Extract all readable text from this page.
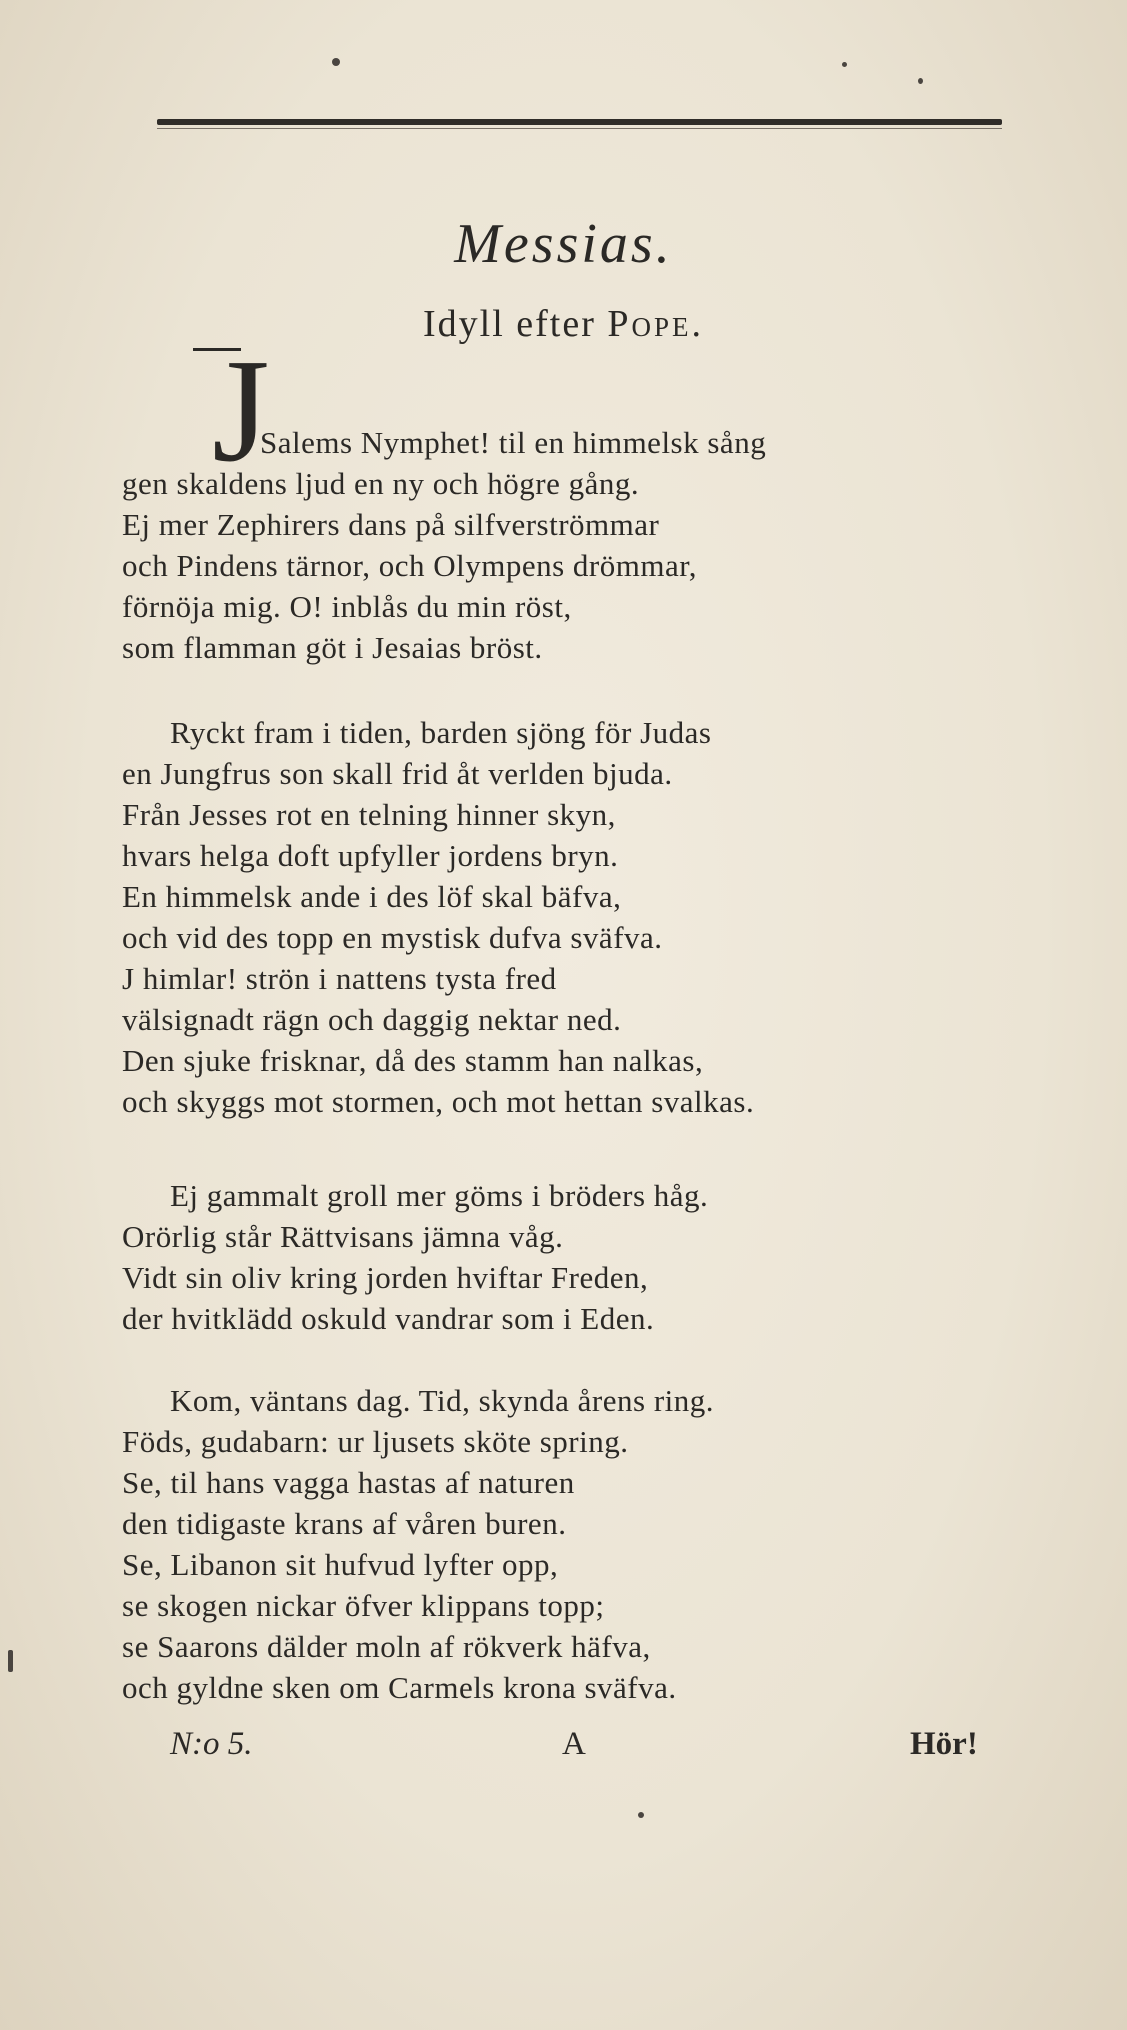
Messias.
Idyll efter Pope.
J
Salems Nymphet! til en himmelsk sång
gen skaldens ljud en ny och högre gång.
Ej mer Zephirers dans på silfverströmmar
och Pindens tärnor, och Olympens drömmar,
förnöja mig. O! inblås du min röst,
som flamman göt i Jesaias bröst.
Ryckt fram i tiden, barden sjöng för Judas
en Jungfrus son skall frid åt verlden bjuda.
Från Jesses rot en telning hinner skyn,
hvars helga doft upfyller jordens bryn.
En himmelsk ande i des löf skal bäfva,
och vid des topp en mystisk dufva sväfva.
J himlar! strön i nattens tysta fred
välsignadt rägn och daggig nektar ned.
Den sjuke frisknar, då des stamm han nalkas,
och skyggs mot stormen, och mot hettan svalkas.
Ej gammalt groll mer göms i bröders håg.
Orörlig står Rättvisans jämna våg.
Vidt sin oliv kring jorden hviftar Freden,
der hvitklädd oskuld vandrar som i Eden.
Kom, väntans dag. Tid, skynda årens ring.
Föds, gudabarn: ur ljusets sköte spring.
Se, til hans vagga hastas af naturen
den tidigaste krans af våren buren.
Se, Libanon sit hufvud lyfter opp,
se skogen nickar öfver klippans topp;
se Saarons dälder moln af rökverk häfva,
och gyldne sken om Carmels krona sväfva.
N:o 5.	A	Hör!
